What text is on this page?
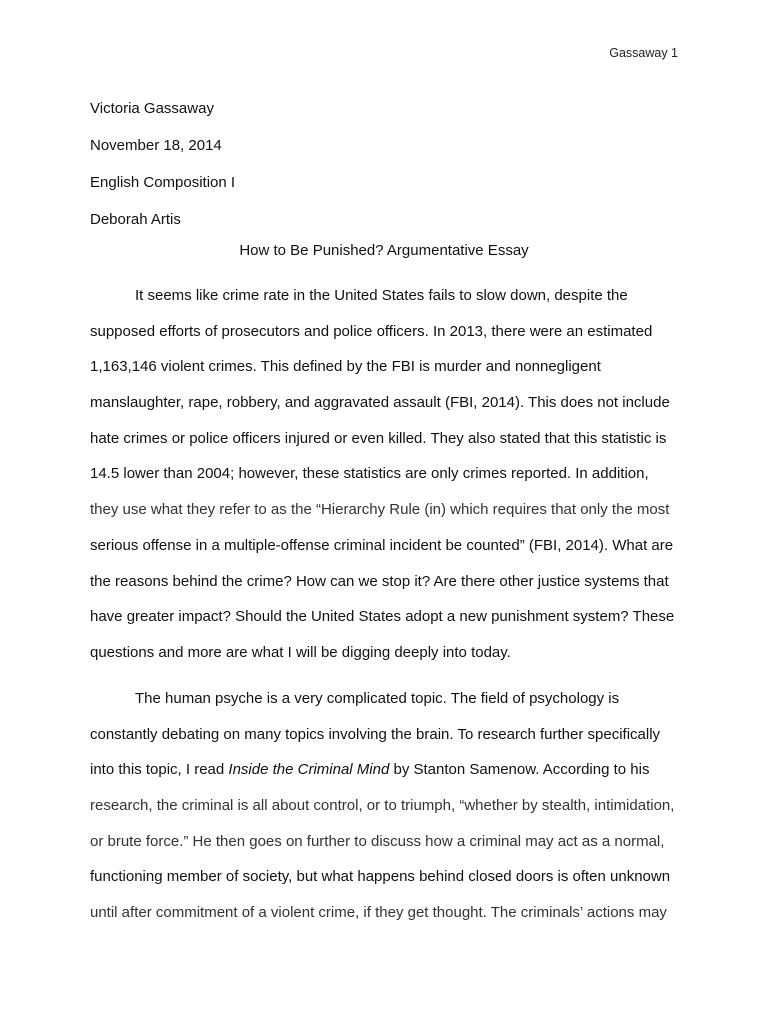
Gassaway 1
Victoria Gassaway
November 18, 2014
English Composition I
Deborah Artis
How to Be Punished? Argumentative Essay
It seems like crime rate in the United States fails to slow down, despite the
supposed efforts of prosecutors and police officers. In 2013, there were an estimated
1,163,146 violent crimes. This defined by the FBI is murder and nonnegligent
manslaughter, rape, robbery, and aggravated assault (FBI, 2014). This does not include
hate crimes or police officers injured or even killed. They also stated that this statistic is
14.5 lower than 2004; however, these statistics are only crimes reported. In addition,
they use what they refer to as the “Hierarchy Rule (in) which requires that only the most
serious offense in a multiple-offense criminal incident be counted” (FBI, 2014). What are
the reasons behind the crime? How can we stop it? Are there other justice systems that
have greater impact? Should the United States adopt a new punishment system? These
questions and more are what I will be digging deeply into today.
The human psyche is a very complicated topic. The field of psychology is
constantly debating on many topics involving the brain. To research further specifically
into this topic, I read Inside the Criminal Mind by Stanton Samenow. According to his
research, the criminal is all about control, or to triumph, “whether by stealth, intimidation,
or brute force.” He then goes on further to discuss how a criminal may act as a normal,
functioning member of society, but what happens behind closed doors is often unknown
until after commitment of a violent crime, if they get thought. The criminals’ actions may
